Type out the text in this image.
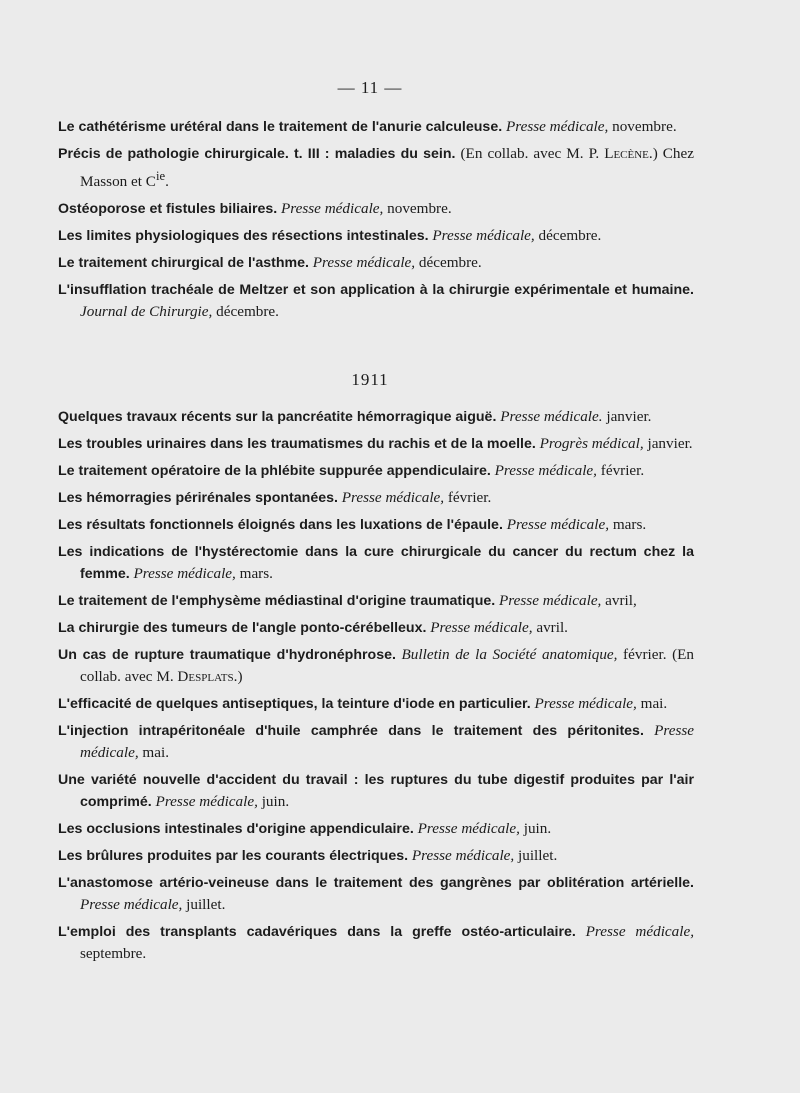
— 11 —
Le cathétérisme urétéral dans le traitement de l'anurie calculeuse. Presse médicale, novembre.
Précis de pathologie chirurgicale. t. III : maladies du sein. (En collab. avec M. P. Lecène.) Chez Masson et $C^{ie}$.
Ostéoporose et fistules biliaires. Presse médicale, novembre.
Les limites physiologiques des résections intestinales. Presse médicale, décembre.
Le traitement chirurgical de l'asthme. Presse médicale, décembre.
L'insufflation trachéale de Meltzer et son application à la chirurgie expérimentale et humaine. Journal de Chirurgie, décembre.
1911
Quelques travaux récents sur la pancréatite hémorragique aiguë. Presse médicale. janvier.
Les troubles urinaires dans les traumatismes du rachis et de la moelle. Progrès médical, janvier.
Le traitement opératoire de la phlébite suppurée appendiculaire. Presse médicale, février.
Les hémorragies périrénales spontanées. Presse médicale, février.
Les résultats fonctionnels éloignés dans les luxations de l'épaule. Presse médicale, mars.
Les indications de l'hystérectomie dans la cure chirurgicale du cancer du rectum chez la femme. Presse médicale, mars.
Le traitement de l'emphysème médiastinal d'origine traumatique. Presse médicale, avril,
La chirurgie des tumeurs de l'angle ponto-cérébelleux. Presse médicale, avril.
Un cas de rupture traumatique d'hydronéphrose. Bulletin de la Société anatomique, février. (En collab. avec M. Desplats.)
L'efficacité de quelques antiseptiques, la teinture d'iode en particulier. Presse médicale, mai.
L'injection intrapéritonéale d'huile camphrée dans le traitement des péritonites. Presse médicale, mai.
Une variété nouvelle d'accident du travail : les ruptures du tube digestif produites par l'air comprimé. Presse médicale, juin.
Les occlusions intestinales d'origine appendiculaire. Presse médicale, juin.
Les brûlures produites par les courants électriques. Presse médicale, juillet.
L'anastomose artério-veineuse dans le traitement des gangrènes par oblitération artérielle. Presse médicale, juillet.
L'emploi des transplants cadavériques dans la greffe ostéo-articulaire. Presse médicale, septembre.
